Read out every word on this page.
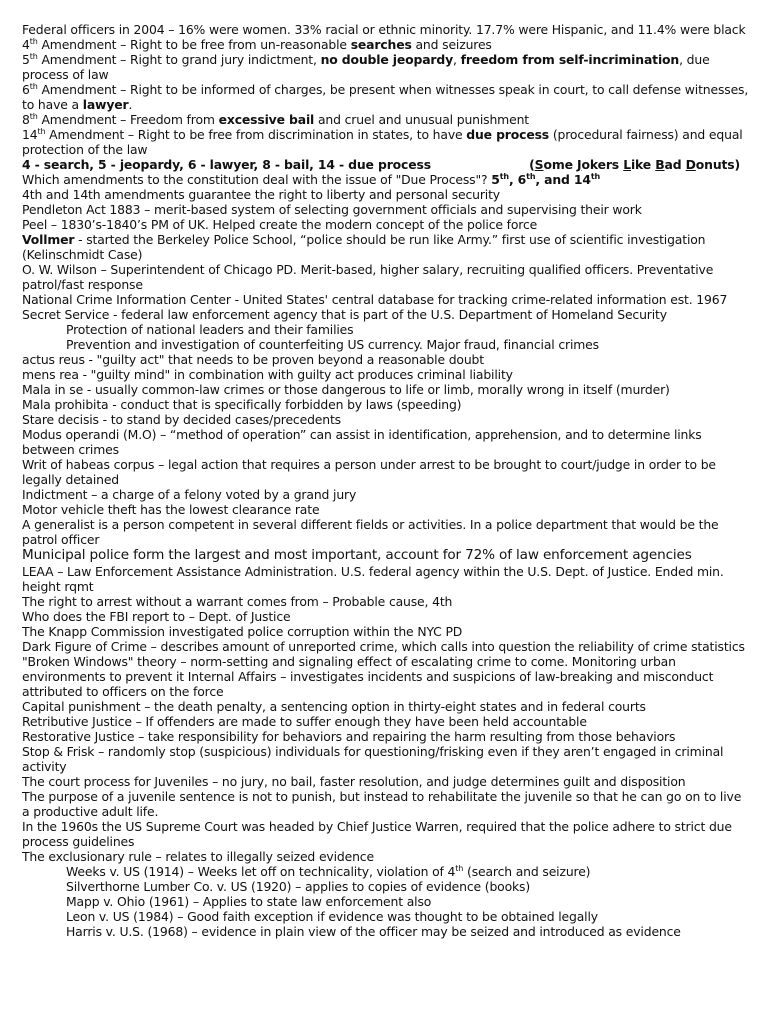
Federal officers in 2004 – 16% were women. 33% racial or ethnic minority. 17.7% were Hispanic, and 11.4% were black

4th Amendment – Right to be free from un-reasonable searches and seizures

5th Amendment – Right to grand jury indictment, no double jeopardy, freedom from self-incrimination, due process of law

6th Amendment – Right to be informed of charges, be present when witnesses speak in court, to call defense witnesses, to have a lawyer.

8th Amendment – Freedom from excessive bail and cruel and unusual punishment

14th Amendment – Right to be free from discrimination in states, to have due process (procedural fairness) and equal protection of the law

4 - search, 5 - jeopardy, 6 - lawyer, 8 - bail, 14 - due process	(Some Jokers Like Bad Donuts)

Which amendments to the constitution deal with the issue of "Due Process"? 5th, 6th, and 14th

4th and 14th amendments guarantee the right to liberty and personal security

Pendleton Act 1883 – merit-based system of selecting government officials and supervising their work

Peel – 1830’s-1840’s PM of UK. Helped create the modern concept of the police force

Vollmer - started the Berkeley Police School, “police should be run like Army.” first use of scientific investigation (Kelinschmidt Case)

O. W. Wilson – Superintendent of Chicago PD. Merit-based, higher salary, recruiting qualified officers. Preventative patrol/fast response

National Crime Information Center - United States' central database for tracking crime-related information est. 1967

Secret Service - federal law enforcement agency that is part of the U.S. Department of Homeland Security

Protection of national leaders and their families

Prevention and investigation of counterfeiting US currency. Major fraud, financial crimes

actus reus - "guilty act" that needs to be proven beyond a reasonable doubt

mens rea - "guilty mind" in combination with guilty act produces criminal liability

Mala in se - usually common-law crimes or those dangerous to life or limb, morally wrong in itself (murder)

Mala prohibita - conduct that is specifically forbidden by laws (speeding)

Stare decisis - to stand by decided cases/precedents

Modus operandi (M.O) – “method of operation” can assist in identification, apprehension, and to determine links between crimes

Writ of habeas corpus – legal action that requires a person under arrest to be brought to court/judge in order to be legally detained

Indictment – a charge of a felony voted by a grand jury

Motor vehicle theft has the lowest clearance rate

A generalist is a person competent in several different fields or activities. In a police department that would be the patrol officer

Municipal police form the largest and most important, account for 72% of law enforcement agencies

LEAA – Law Enforcement Assistance Administration. U.S. federal agency within the U.S. Dept. of Justice. Ended min. height rqmt

The right to arrest without a warrant comes from – Probable cause, 4th

Who does the FBI report to – Dept. of Justice

The Knapp Commission investigated police corruption within the NYC PD

Dark Figure of Crime – describes amount of unreported crime, which calls into question the reliability of crime statistics

"Broken Windows" theory – norm-setting and signaling effect of escalating crime to come. Monitoring urban environments to prevent it Internal Affairs – investigates incidents and suspicions of law-breaking and misconduct attributed to officers on the force

Capital punishment – the death penalty, a sentencing option in thirty-eight states and in federal courts

Retributive Justice – If offenders are made to suffer enough they have been held accountable

Restorative Justice – take responsibility for behaviors and repairing the harm resulting from those behaviors

Stop & Frisk – randomly stop (suspicious) individuals for questioning/frisking even if they aren’t engaged in criminal activity

The court process for Juveniles – no jury, no bail, faster resolution, and judge determines guilt and disposition

The purpose of a juvenile sentence is not to punish, but instead to rehabilitate the juvenile so that he can go on to live a productive adult life.

In the 1960s the US Supreme Court was headed by Chief Justice Warren, required that the police adhere to strict due process guidelines

The exclusionary rule – relates to illegally seized evidence

Weeks v. US (1914) – Weeks let off on technicality, violation of 4th (search and seizure)

Silverthorne Lumber Co. v. US (1920) – applies to copies of evidence (books)

Mapp v. Ohio (1961) – Applies to state law enforcement also

Leon v. US (1984) – Good faith exception if evidence was thought to be obtained legally

Harris v. U.S. (1968) – evidence in plain view of the officer may be seized and introduced as evidence
